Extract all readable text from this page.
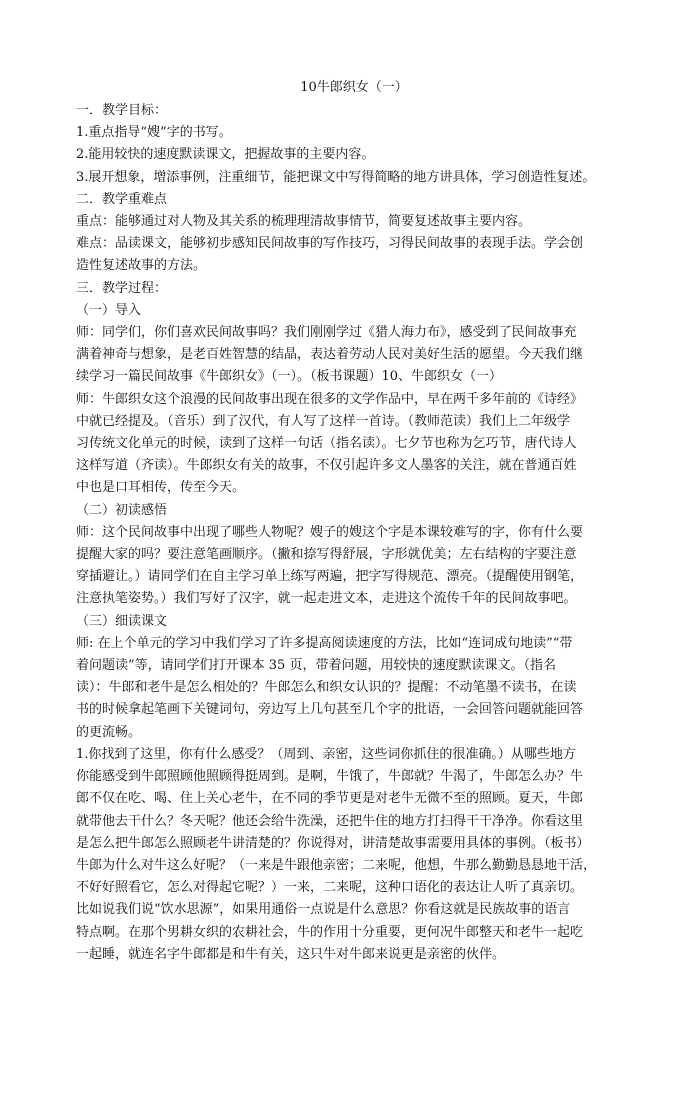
10牛郎织女（一）

一．教学目标：

1.重点指导“嫂”字的书写。

2.能用较快的速度默读课文，把握故事的主要内容。

3.展开想象，增添事例，注重细节，能把课文中写得简略的地方讲具体，学习创造性复述。

二．教学重难点

重点：能够通过对人物及其关系的梳理理清故事情节，简要复述故事主要内容。

难点：品读课文，能够初步感知民间故事的写作技巧，习得民间故事的表现手法。学会创

造性复述故事的方法。

三．教学过程：

（一）导入

师：同学们，你们喜欢民间故事吗？我们刚刚学过《猎人海力布》，感受到了民间故事充

满着神奇与想象，是老百姓智慧的结晶，表达着劳动人民对美好生活的愿望。今天我们继

续学习一篇民间故事《牛郎织女》（一）。（板书课题）10、牛郎织女（一）

师：牛郎织女这个浪漫的民间故事出现在很多的文学作品中，早在两千多年前的《诗经》

中就已经提及。（音乐）到了汉代，有人写了这样一首诗。（教师范读）我们上二年级学

习传统文化单元的时候，读到了这样一句话（指名读）。七夕节也称为乞巧节，唐代诗人

这样写道（齐读）。牛郎织女有关的故事，不仅引起许多文人墨客的关注，就在普通百姓

中也是口耳相传，传至今天。

（二）初读感悟

师：这个民间故事中出现了哪些人物呢？嫂子的嫂这个字是本课较难写的字，你有什么要

提醒大家的吗？要注意笔画顺序。（撇和捺写得舒展，字形就优美；左右结构的字要注意

穿插避让。）请同学们在自主学习单上练写两遍，把字写得规范、漂亮。（提醒使用钢笔，

注意执笔姿势。）我们写好了汉字，就一起走进文本，走进这个流传千年的民间故事吧。

（三）细读课文

师: 在上个单元的学习中我们学习了许多提高阅读速度的方法，比如“连词成句地读”“带

着问题读”等，请同学们打开课本 35 页，带着问题，用较快的速度默读课文。（指名

读）：牛郎和老牛是怎么相处的？牛郎怎么和织女认识的？提醒：不动笔墨不读书，在读

书的时候拿起笔画下关键词句，旁边写上几句甚至几个字的批语，一会回答问题就能回答

的更流畅。

1.你找到了这里，你有什么感受？（周到、亲密，这些词你抓住的很准确。）从哪些地方

你能感受到牛郎照顾他照顾得挺周到。是啊，牛饿了，牛郎就？牛渴了，牛郎怎么办？牛

郎不仅在吃、喝、住上关心老牛，在不同的季节更是对老牛无微不至的照顾。夏天，牛郎

就带他去干什么？冬天呢？他还会给牛洗澡，还把牛住的地方打扫得干干净净。你看这里

是怎么把牛郎怎么照顾老牛讲清楚的？你说得对，讲清楚故事需要用具体的事例。（板书）

牛郎为什么对牛这么好呢？（一来是牛跟他亲密；二来呢，他想，牛那么勤勤恳恳地干活，

不好好照看它，怎么对得起它呢？）一来，二来呢，这种口语化的表达让人听了真亲切。

比如说我们说“饮水思源”，如果用通俗一点说是什么意思？你看这就是民族故事的语言

特点啊。在那个男耕女织的农耕社会，牛的作用十分重要，更何况牛郎整天和老牛一起吃

一起睡，就连名字牛郎都是和牛有关，这只牛对牛郎来说更是亲密的伙伴。
